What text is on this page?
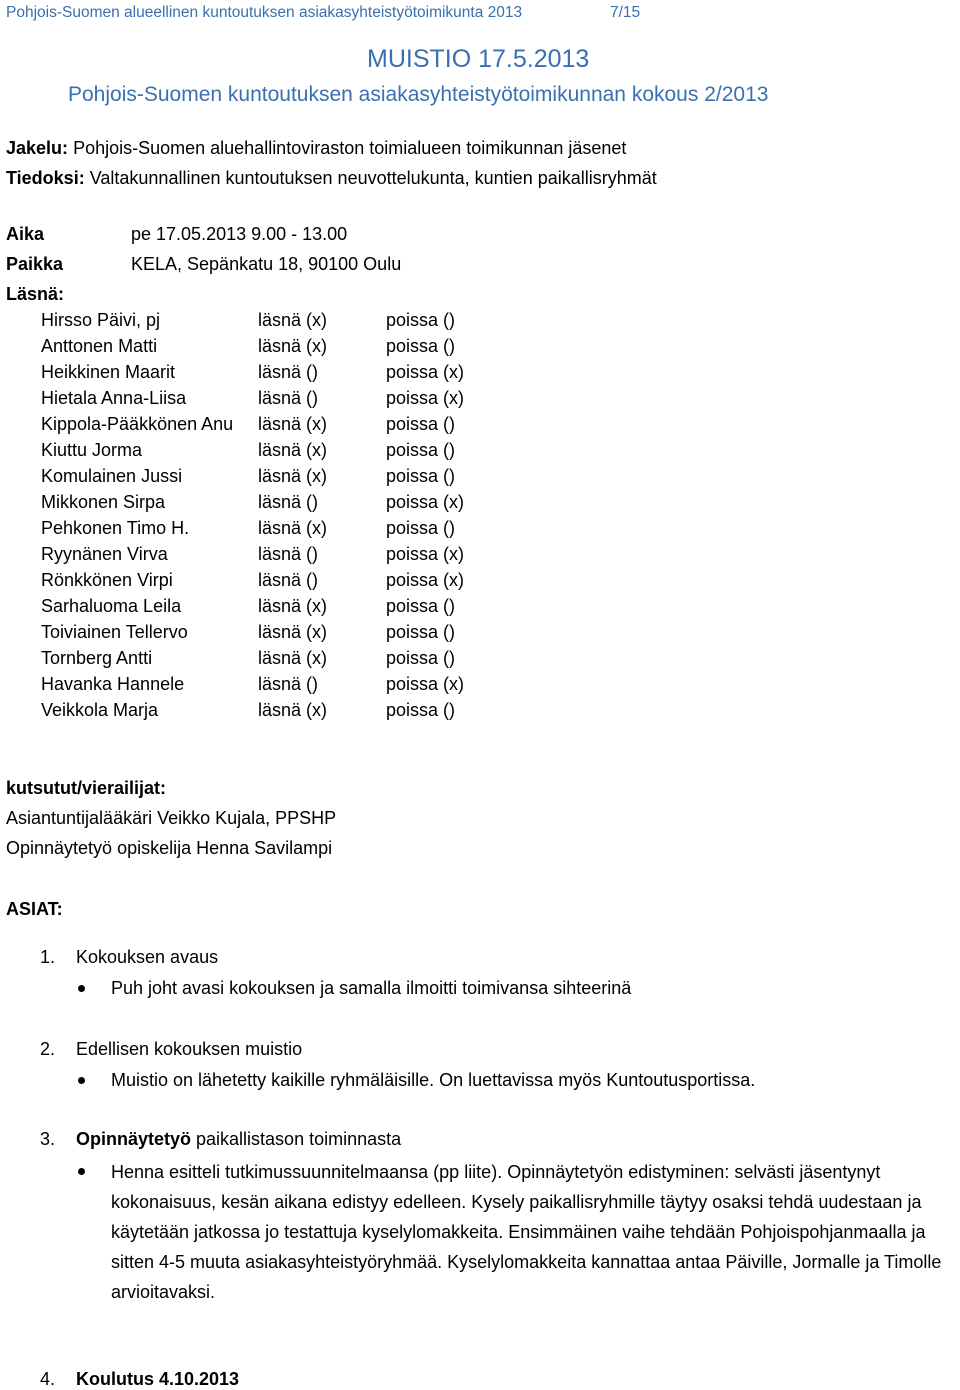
Pohjois-Suomen alueellinen kuntoutuksen asiakasyhteistyötoimikunta 2013	7/15
MUISTIO 17.5.2013
Pohjois-Suomen kuntoutuksen asiakasyhteistyötoimikunnan kokous 2/2013
Jakelu: Pohjois-Suomen aluehallintoviraston toimialueen toimikunnan jäsenet
Tiedoksi: Valtakunnallinen kuntoutuksen neuvottelukunta, kuntien paikallisryhmät
Aika	pe 17.05.2013 9.00 - 13.00
Paikka	KELA, Sepänkatu 18, 90100 Oulu
Läsnä:
Hirsso Päivi, pj	läsnä (x)	poissa ()
Anttonen Matti	läsnä (x)	poissa ()
Heikkinen Maarit	läsnä ()	poissa (x)
Hietala Anna-Liisa	läsnä ()	poissa (x)
Kippola-Pääkkönen Anu läsnä (x)	poissa ()
Kiuttu Jorma	läsnä (x)	poissa ()
Komulainen Jussi	läsnä (x)	poissa ()
Mikkonen Sirpa	läsnä ()	poissa (x)
Pehkonen Timo H.	läsnä (x)	poissa ()
Ryynänen Virva	läsnä ()	poissa (x)
Rönkkönen Virpi	läsnä ()	poissa (x)
Sarhaluoma Leila	läsnä (x)	poissa ()
Toiviainen Tellervo	läsnä (x)	poissa ()
Tornberg Antti	läsnä (x)	poissa ()
Havanka Hannele	läsnä ()	poissa (x)
Veikkola Marja	läsnä (x)	poissa ()
kutsutut/vierailijat:
Asiantuntijalääkäri Veikko Kujala, PPSHP
Opinnäytetyö opiskelija Henna Savilampi
ASIAT:
1. Kokouksen avaus
Puh joht avasi kokouksen ja samalla ilmoitti toimivansa sihteerinä
2. Edellisen kokouksen muistio
Muistio on lähetetty kaikille ryhmäläisille. On luettavissa myös Kuntoutusportissa.
3. Opinnäytetyö paikallistason toiminnasta
Henna esitteli tutkimussuunnitelmaansa (pp liite). Opinnäytetyön edistyminen: selvästi jäsentynyt kokonaisuus, kesän aikana edistyy edelleen. Kysely paikallisryhmille täytyy osaksi tehdä uudestaan ja käytetään jatkossa jo testattuja kyselylomakkeita. Ensimmäinen vaihe tehdään Pohjoispohjanmaalla ja sitten 4-5 muuta asiakasyhteistyöryhmää. Kyselylomakkeita kannattaa antaa Päiville, Jormalle ja Timolle arvioitavaksi.
4. Koulutus 4.10.2013
